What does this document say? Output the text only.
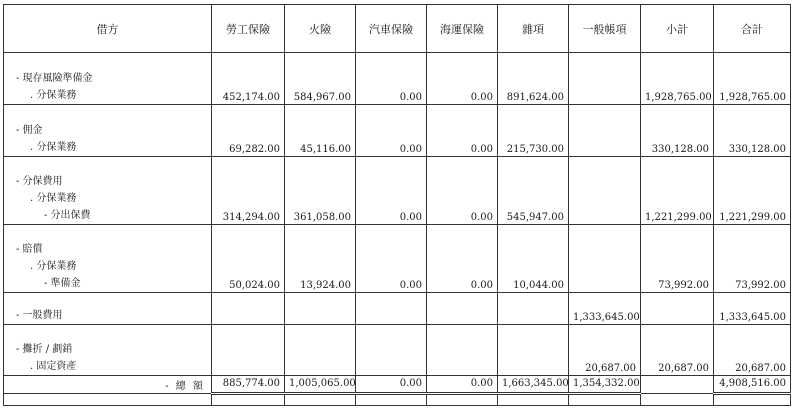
借方	勞工保險	火險	汽車保險	海運保險	雜項	一般帳項	小計	合計

- 現存風險準備金
. 分保業務	452,174.00	584,967.00	0.00	0.00	891,624.00		1,928,765.00	1,928,765.00

- 佣金
. 分保業務	69,282.00	45,116.00	0.00	0.00	215,730.00		330,128.00	330,128.00

- 分保費用
. 分保業務
- 分出保費	314,294.00	361,058.00	0.00	0.00	545,947.00		1,221,299.00	1,221,299.00

- 賠償
. 分保業務
- 準備金	50,024.00	13,924.00	0.00	0.00	10,044.00		73,992.00	73,992.00

- 一般費用						1,333,645.00		1,333,645.00

- 攤折 / 劃銷
. 固定資產						20,687.00	20,687.00	20,687.00
- 總 額	885,774.00	1,005,065.00	0.00	0.00	1,663,345.00	1,354,332.00		4,908,516.00
